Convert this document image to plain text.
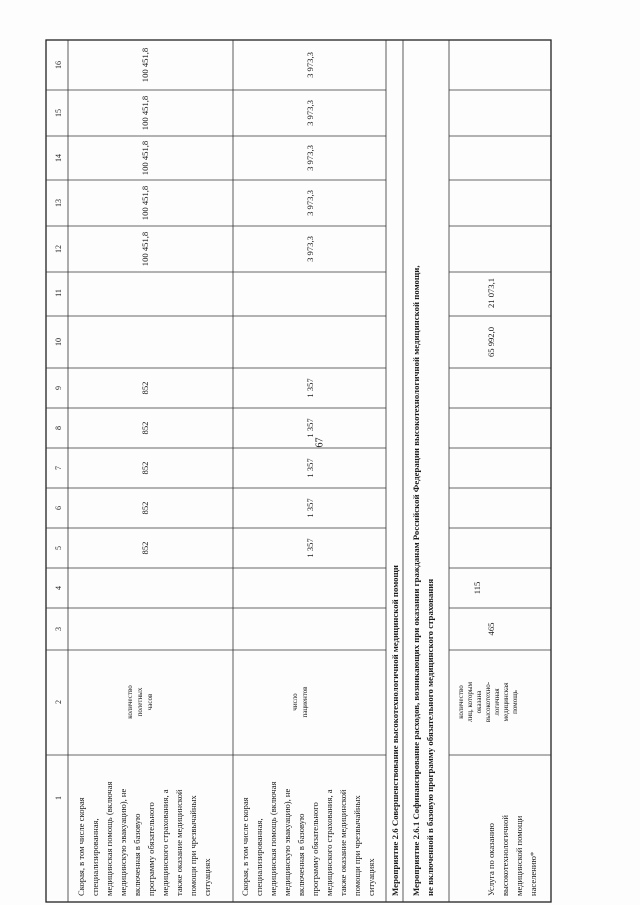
67
Скорая, в том числе скорая специализированная, медицинская помощь (включая медицинскую эвакуацию), не включенная в базовую программу обязательного медицинского страхования, а также оказание медицинской помощи при чрезвычайных ситуациях
количество полетных часов
852
852
852
852
852
100 451,8
100 451,8
100 451,8
100 451,8
100 451,8
Скорая, в том числе скорая специализированная, медицинская помощь (включая медицинскую эвакуацию), не включенная в базовую программу обязательного медицинского страхования, а также оказание медицинской помощи при чрезвычайных ситуациях
число пациентов
1 357
1 357
1 357
1 357
1 357
3 973,3
3 973,3
3 973,3
3 973,3
3 973,3
Мероприятие 2.6 Совершенствование высокотехнологичной медицинской помощи Мероприятие 2.6.1 Софинансирование расходов, возникающих при оказании гражданам Российской Федерации высокотехнологичной медицинской помощи, не включенной в базовую программу обязательного медицинского страхования	Услуга по оказанию высокотехнологичной медицинской помощи населению*
количество лиц, которым оказана высокотехно- логичная медицинская помощь
465
115
65 992,0
21 073,1
1
2
3
4
5
6
7
8
9
10
11
12
13
14
15
16
